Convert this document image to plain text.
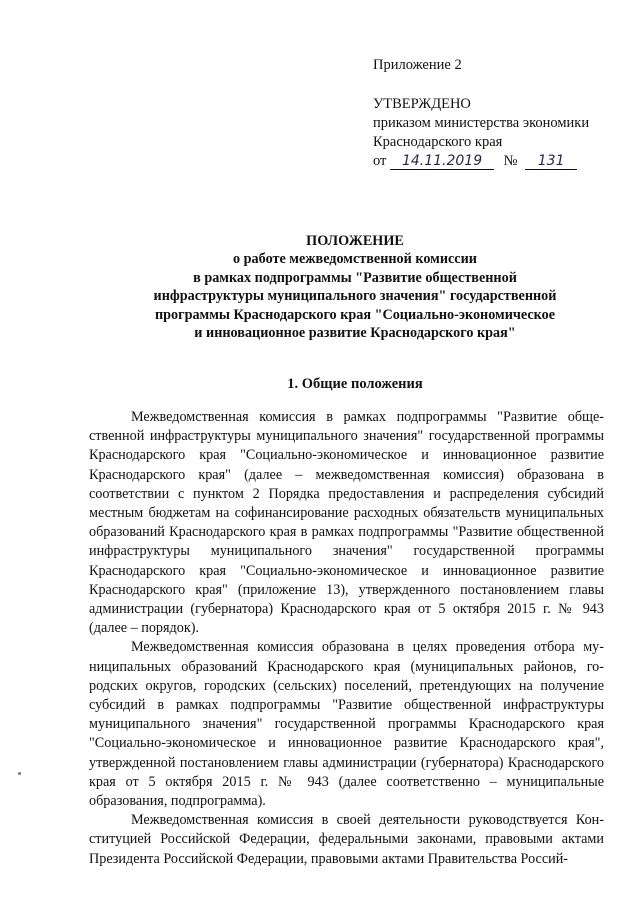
Приложение 2
УТВЕРЖДЕНО
приказом министерства экономики
Краснодарского края
от 14.11.2019 № 131
ПОЛОЖЕНИЕ
о работе межведомственной комиссии
в рамках подпрограммы "Развитие общественной
инфраструктуры муниципального значения" государственной
программы Краснодарского края "Социально-экономическое
и инновационное развитие Краснодарского края"
1. Общие положения

Межведомственная комиссия в рамках подпрограммы "Развитие общественной инфраструктуры муниципального значения" государственной программы Краснодарского края "Социально-экономическое и инновационное развитие Краснодарского края" (далее – межведомственная комиссия) образована в соответствии с пунктом 2 Порядка предоставления и распределения субсидий местным бюджетам на софинансирование расходных обязательств муниципальных образований Краснодарского края в рамках подпрограммы "Развитие общественной инфраструктуры муниципального значения" государственной программы Краснодарского края "Социально-экономическое и инновационное развитие Краснодарского края" (приложение 13), утвержденного постановлением главы администрации (губернатора) Краснодарского края от 5 октября 2015 г. № 943 (далее – порядок).

Межведомственная комиссия образована в целях проведения отбора муниципальных образований Краснодарского края (муниципальных районов, городских округов, городских (сельских) поселений, претендующих на получение субсидий в рамках подпрограммы "Развитие общественной инфраструктуры муниципального значения" государственной программы Краснодарского края "Социально-экономическое и инновационное развитие Краснодарского края", утвержденной постановлением главы администрации (губернатора) Краснодарского края от 5 октября 2015 г. № 943 (далее соответственно – муниципальные образования, подпрограмма).

Межведомственная комиссия в своей деятельности руководствуется Конституцией Российской Федерации, федеральными законами, правовыми актами Президента Российской Федерации, правовыми актами Правительства Россий-
